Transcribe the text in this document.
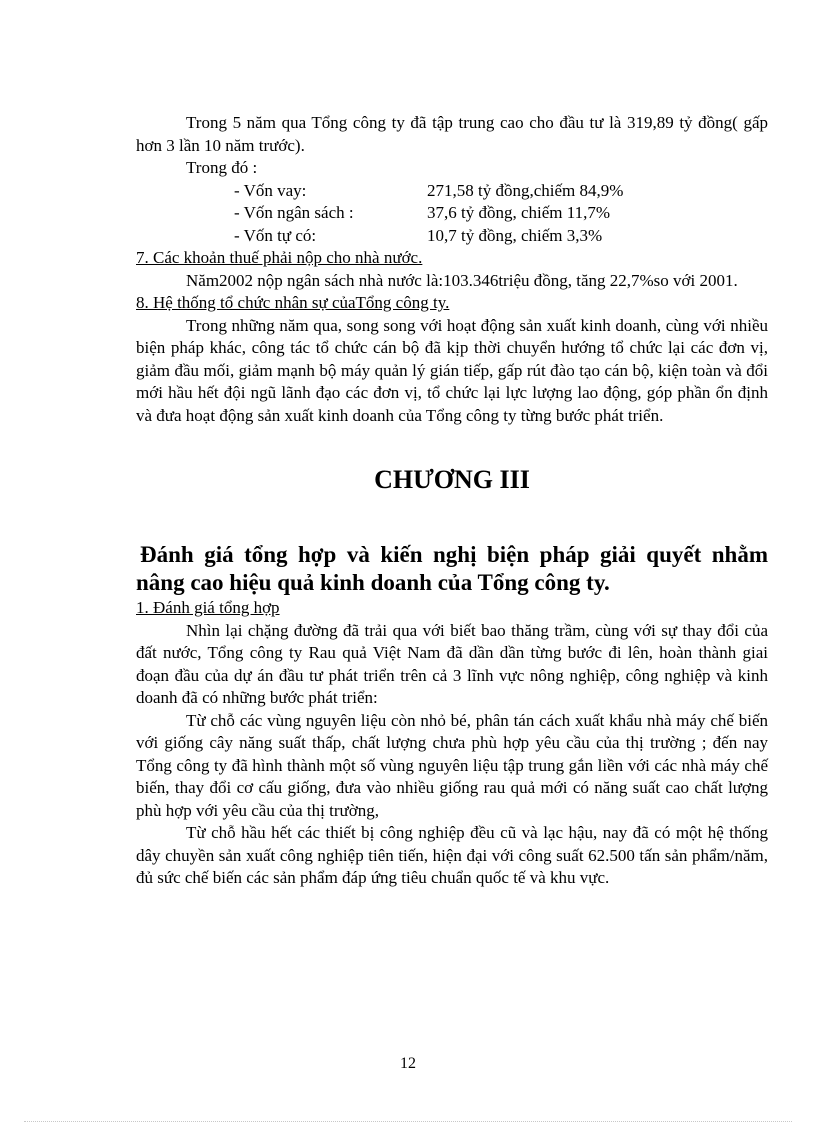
Trong 5 năm qua Tổng công ty đã tập trung cao cho đầu tư là 319,89 tỷ đồng( gấp hơn 3 lần 10 năm trước).

Trong đó :

- Vốn vay:	271,58 tỷ đồng,chiếm 84,9%
- Vốn ngân sách :	37,6 tỷ đồng, chiếm 11,7%
- Vốn tự có:	10,7 tỷ đồng, chiếm 3,3%

7. Các khoản thuế phải nộp cho nhà nước.

Năm2002 nộp ngân sách nhà nước là:103.346triệu đồng, tăng 22,7%so với 2001.

8. Hệ thống tổ chức nhân sự củaTổng công ty.

Trong những năm qua, song song với hoạt động sản xuất kinh doanh, cùng với nhiều biện pháp khác, công tác tổ chức cán bộ đã kịp thời chuyển hướng tổ chức lại các đơn vị, giảm đầu mối, giảm mạnh bộ máy quản lý gián tiếp, gấp rút đào tạo cán bộ, kiện toàn và đổi mới hầu hết đội ngũ lãnh đạo các đơn vị, tổ chức lại lực lượng lao động, góp phần ổn định và đưa hoạt động sản xuất kinh doanh của Tổng công ty từng bước phát triển.

CHƯƠNG III
Đánh giá tổng hợp và kiến nghị biện pháp giải quyết nhằm nâng cao hiệu quả kinh doanh của Tổng công ty.

1. Đánh giá tổng hợp

Nhìn lại chặng đường đã trải qua với biết bao thăng trầm, cùng với sự thay đổi của đất nước, Tổng công ty Rau quả Việt Nam đã dần dần từng bước đi lên, hoàn thành giai đoạn đầu của dự án đầu tư phát triển trên cả 3 lĩnh vực nông nghiệp, công nghiệp và kinh doanh đã có những bước phát triển:

Từ chỗ các vùng nguyên liệu còn nhỏ bé, phân tán cách xuất khẩu nhà máy chế biến với giống cây năng suất thấp, chất lượng chưa phù hợp yêu cầu của thị trường ; đến nay Tổng công ty đã hình thành một số vùng nguyên liệu tập trung gắn liền với các nhà máy chế biến, thay đổi cơ cấu giống, đưa vào nhiều giống rau quả mới có năng suất cao chất lượng phù hợp với yêu cầu của thị trường,

Từ chỗ hầu hết các thiết bị công nghiệp đều cũ và lạc hậu, nay đã có một hệ thống dây chuyền sản xuất công nghiệp tiên tiến, hiện đại với công suất 62.500 tấn sản phẩm/năm, đủ sức chế biến các sản phẩm đáp ứng tiêu chuẩn quốc tế và khu vực.

12
